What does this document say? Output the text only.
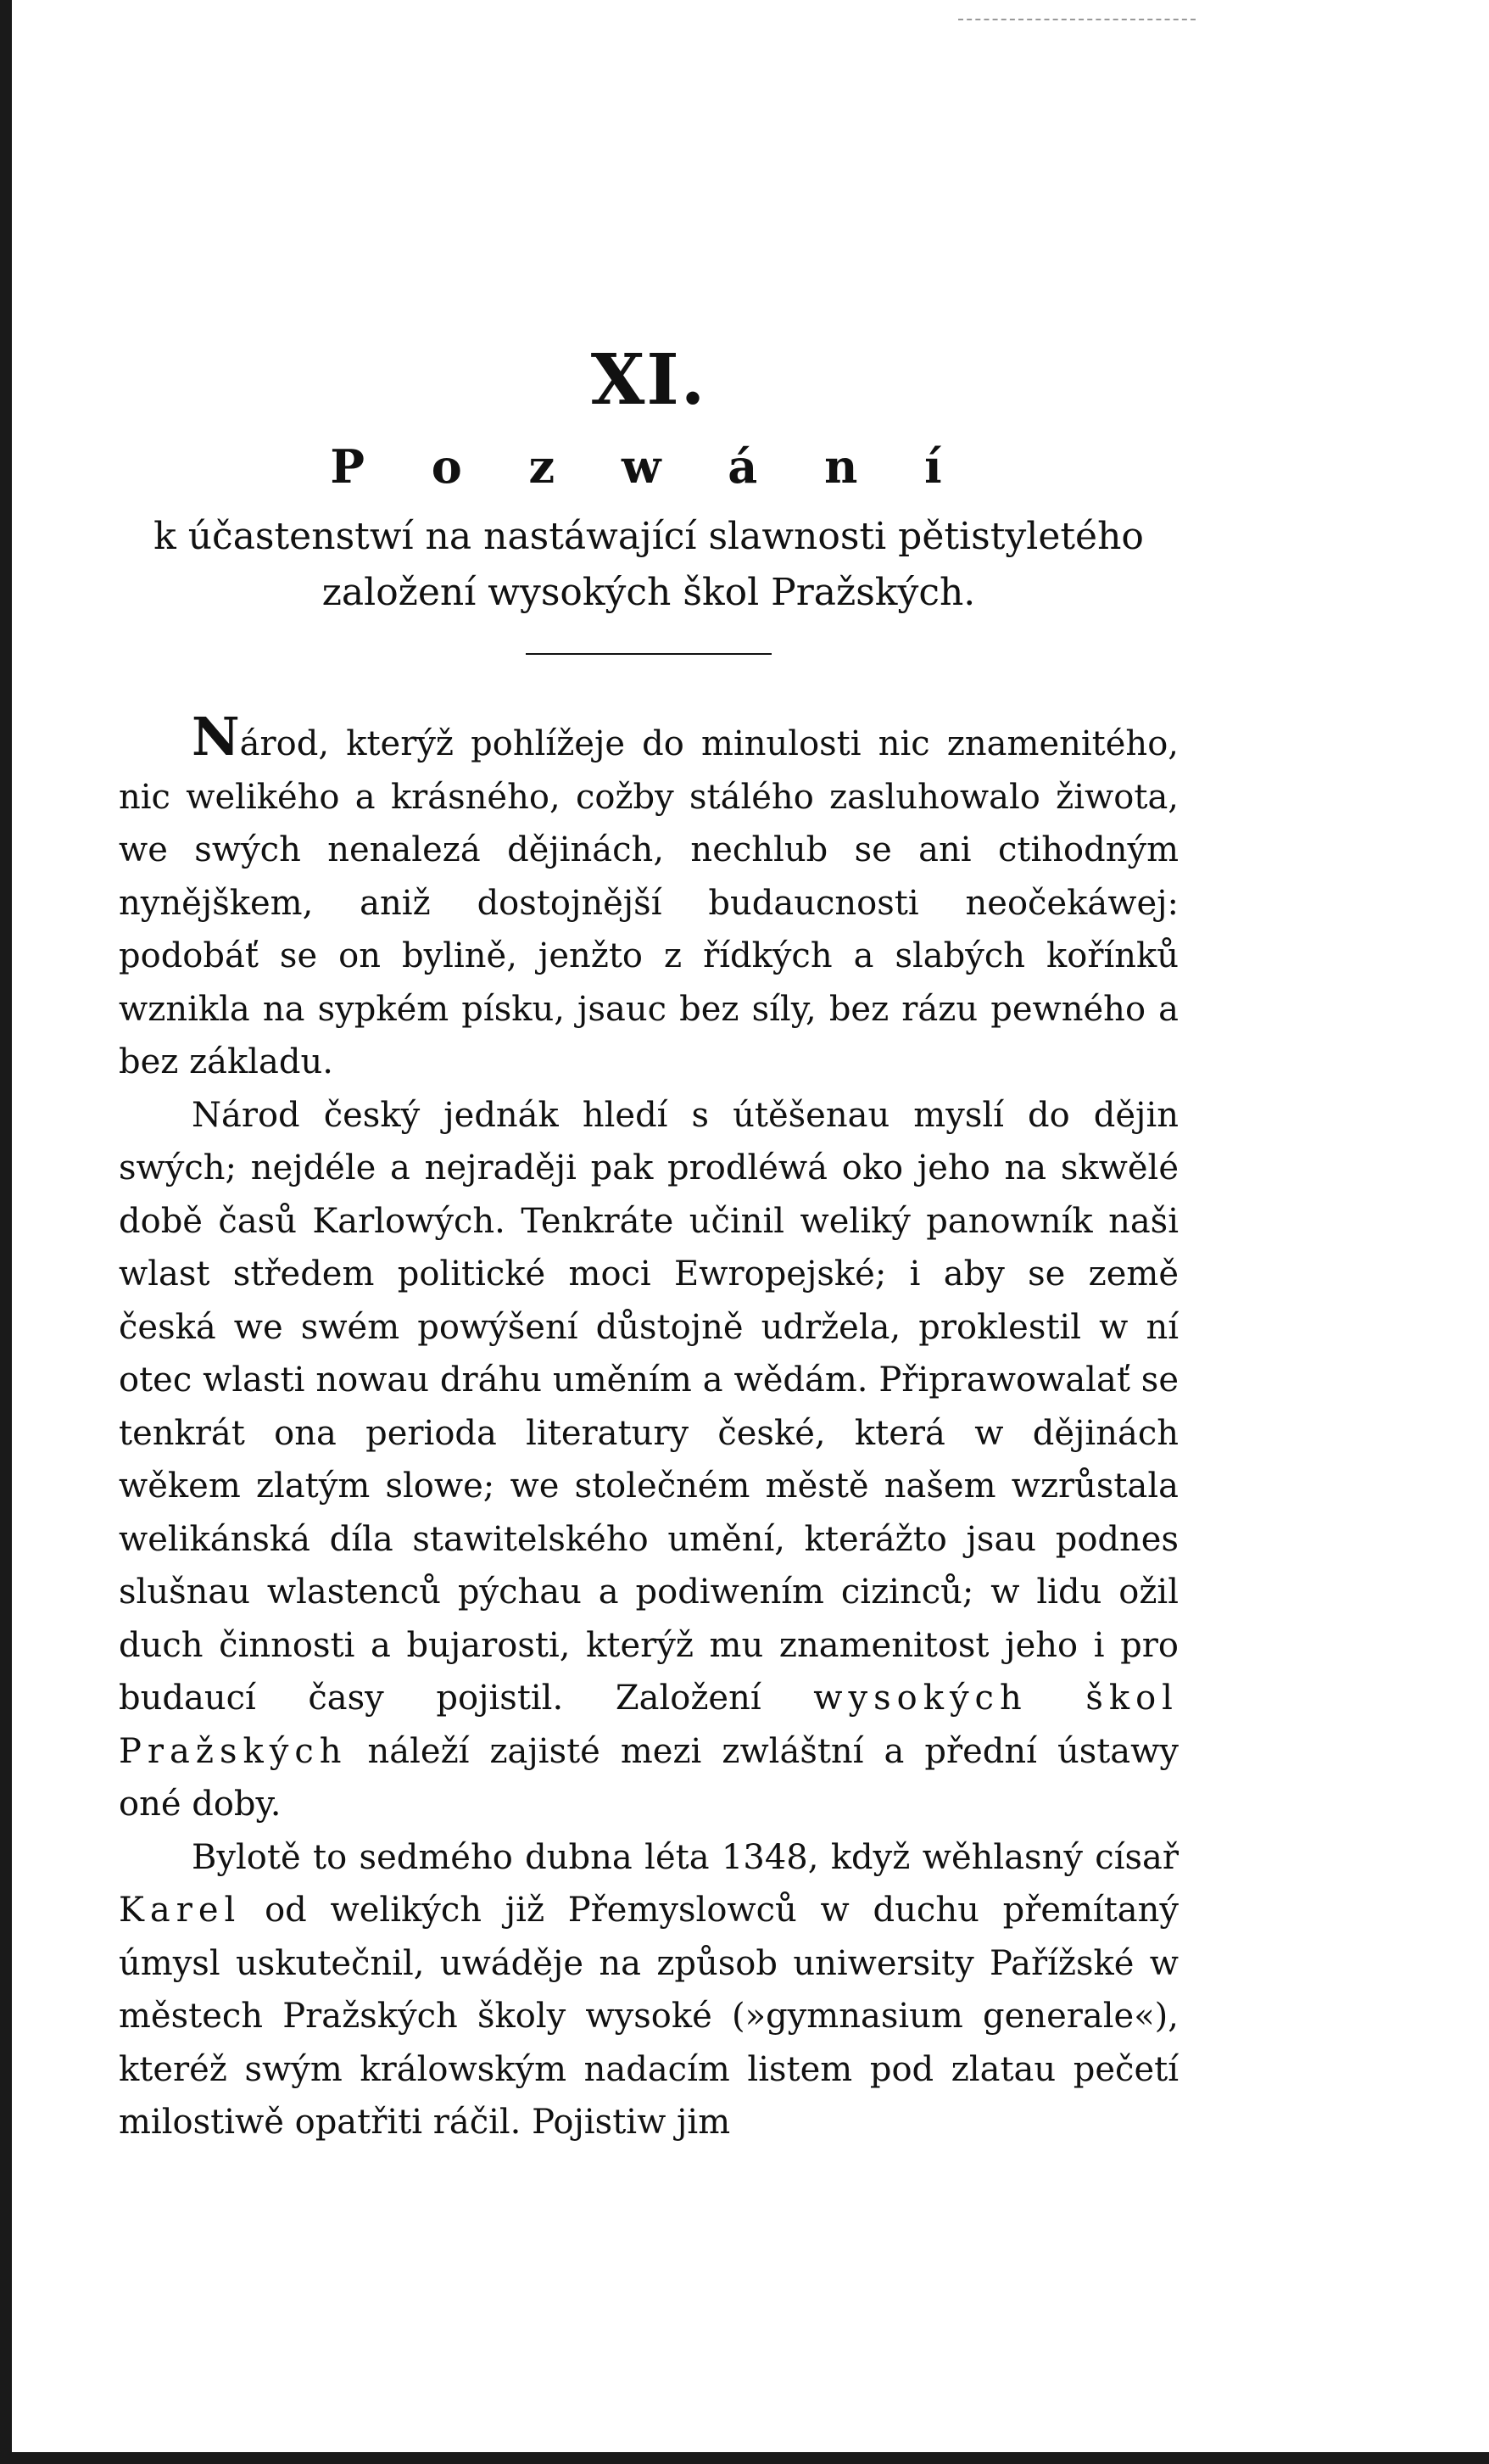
XI.
P o z w á n í

k účastenstwí na nastáwající slawnosti pětistyletého
založení wysokých škol Pražských.

Národ, kterýž pohlížeje do minulosti nic znamenitého, nic welikého a krásného, cožby stálého zasluhowalo žiwota, we swých nenalezá dějinách, nechlub se ani ctihodným nynějškem, aniž dostojnější budaucnosti neočekáwej: podobáť se on bylině, jenžto z řídkých a slabých kořínků wznikla na sypkém písku, jsauc bez síly, bez rázu pewného a bez základu.

Národ český jednák hledí s útěšenau myslí do dějin swých; nejdéle a nejraději pak prodléwá oko jeho na skwělé době časů Karlowých. Tenkráte učinil weliký panowník naši wlast středem politické moci Ewropejské; i aby se země česká we swém powýšení důstojně udržela, proklestil w ní otec wlasti nowau dráhu uměním a wědám. Připrawowalať se tenkrát ona perioda literatury české, která w dějinách wěkem zlatým slowe; we stolečném městě našem wzrůstala welikánská díla stawitelského umění, kterážto jsau podnes slušnau wlastenců pýchau a podiwením cizinců; w lidu ožil duch činnosti a bujarosti, kterýž mu znamenitost jeho i pro budaucí časy pojistil. Založení wysokých škol Pražských náleží zajisté mezi zwláštní a přední ústawy oné doby.

Bylotě to sedmého dubna léta 1348, když wěhlasný císař Karel od welikých již Přemyslowců w duchu přemítaný úmysl uskutečnil, uwáděje na způsob uniwersity Pařížské w městech Pražských školy wysoké (»gymnasium generale«), kteréž swým králowským nadacím listem pod zlatau pečetí milostiwě opatřiti ráčil. Pojistiw jim
